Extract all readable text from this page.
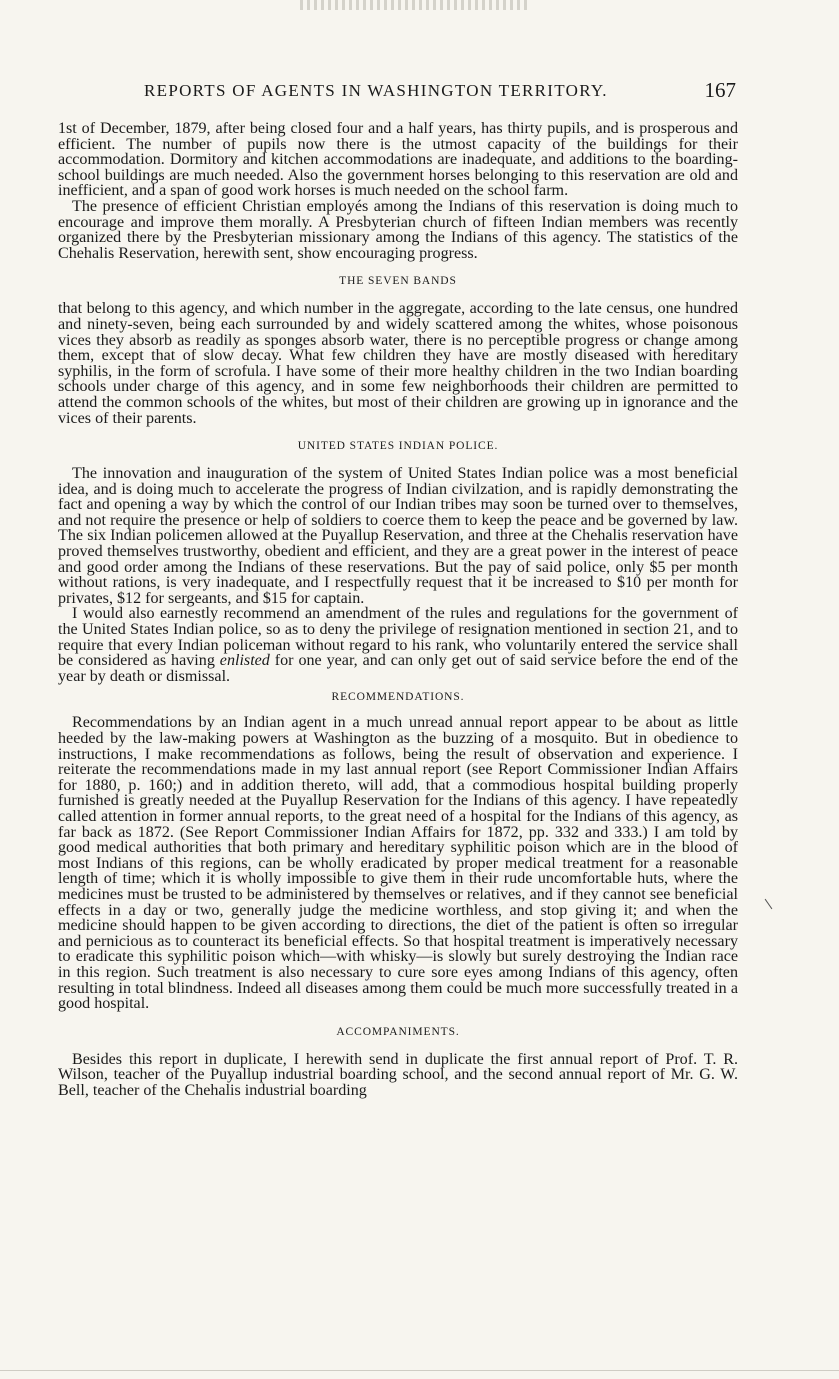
REPORTS OF AGENTS IN WASHINGTON TERRITORY.	167

1st of December, 1879, after being closed four and a half years, has thirty pupils, and is prosperous and efficient. The number of pupils now there is the utmost capacity of the buildings for their accommodation. Dormitory and kitchen accommodations are inadequate, and additions to the boarding-school buildings are much needed. Also the government horses belonging to this reservation are old and inefficient, and a span of good work horses is much needed on the school farm.

The presence of efficient Christian employés among the Indians of this reservation is doing much to encourage and improve them morally. A Presbyterian church of fifteen Indian members was recently organized there by the Presbyterian missionary among the Indians of this agency. The statistics of the Chehalis Reservation, herewith sent, show encouraging progress.

THE SEVEN BANDS

that belong to this agency, and which number in the aggregate, according to the late census, one hundred and ninety-seven, being each surrounded by and widely scattered among the whites, whose poisonous vices they absorb as readily as sponges absorb water, there is no perceptible progress or change among them, except that of slow decay. What few children they have are mostly diseased with hereditary syphilis, in the form of scrofula. I have some of their more healthy children in the two Indian boarding schools under charge of this agency, and in some few neighborhoods their children are permitted to attend the common schools of the whites, but most of their children are growing up in ignorance and the vices of their parents.

UNITED STATES INDIAN POLICE.

The innovation and inauguration of the system of United States Indian police was a most beneficial idea, and is doing much to accelerate the progress of Indian civilzation, and is rapidly demonstrating the fact and opening a way by which the control of our Indian tribes may soon be turned over to themselves, and not require the presence or help of soldiers to coerce them to keep the peace and be governed by law. The six Indian policemen allowed at the Puyallup Reservation, and three at the Chehalis reservation have proved themselves trustworthy, obedient and efficient, and they are a great power in the interest of peace and good order among the Indians of these reservations. But the pay of said police, only $5 per month without rations, is very inadequate, and I respectfully request that it be increased to $10 per month for privates, $12 for sergeants, and $15 for captain.

I would also earnestly recommend an amendment of the rules and regulations for the government of the United States Indian police, so as to deny the privilege of resignation mentioned in section 21, and to require that every Indian policeman without regard to his rank, who voluntarily entered the service shall be considered as having enlisted for one year, and can only get out of said service before the end of the year by death or dismissal.

RECOMMENDATIONS.

Recommendations by an Indian agent in a much unread annual report appear to be about as little heeded by the law-making powers at Washington as the buzzing of a mosquito. But in obedience to instructions, I make recommendations as follows, being the result of observation and experience. I reiterate the recommendations made in my last annual report (see Report Commissioner Indian Affairs for 1880, p. 160;) and in addition thereto, will add, that a commodious hospital building properly furnished is greatly needed at the Puyallup Reservation for the Indians of this agency. I have repeatedly called attention in former annual reports, to the great need of a hospital for the Indians of this agency, as far back as 1872. (See Report Commissioner Indian Affairs for 1872, pp. 332 and 333.) I am told by good medical authorities that both primary and hereditary syphilitic poison which are in the blood of most Indians of this regions, can be wholly eradicated by proper medical treatment for a reasonable length of time; which it is wholly impossible to give them in their rude uncomfortable huts, where the medicines must be trusted to be administered by themselves or relatives, and if they cannot see beneficial effects in a day or two, generally judge the medicine worthless, and stop giving it; and when the medicine should happen to be given according to directions, the diet of the patient is often so irregular and pernicious as to counteract its beneficial effects. So that hospital treatment is imperatively necessary to eradicate this syphilitic poison which—with whisky—is slowly but surely destroying the Indian race in this region. Such treatment is also necessary to cure sore eyes among Indians of this agency, often resulting in total blindness. Indeed all diseases among them could be much more successfully treated in a good hospital.

ACCOMPANIMENTS.

Besides this report in duplicate, I herewith send in duplicate the first annual report of Prof. T. R. Wilson, teacher of the Puyallup industrial boarding school, and the second annual report of Mr. G. W. Bell, teacher of the Chehalis industrial boarding
